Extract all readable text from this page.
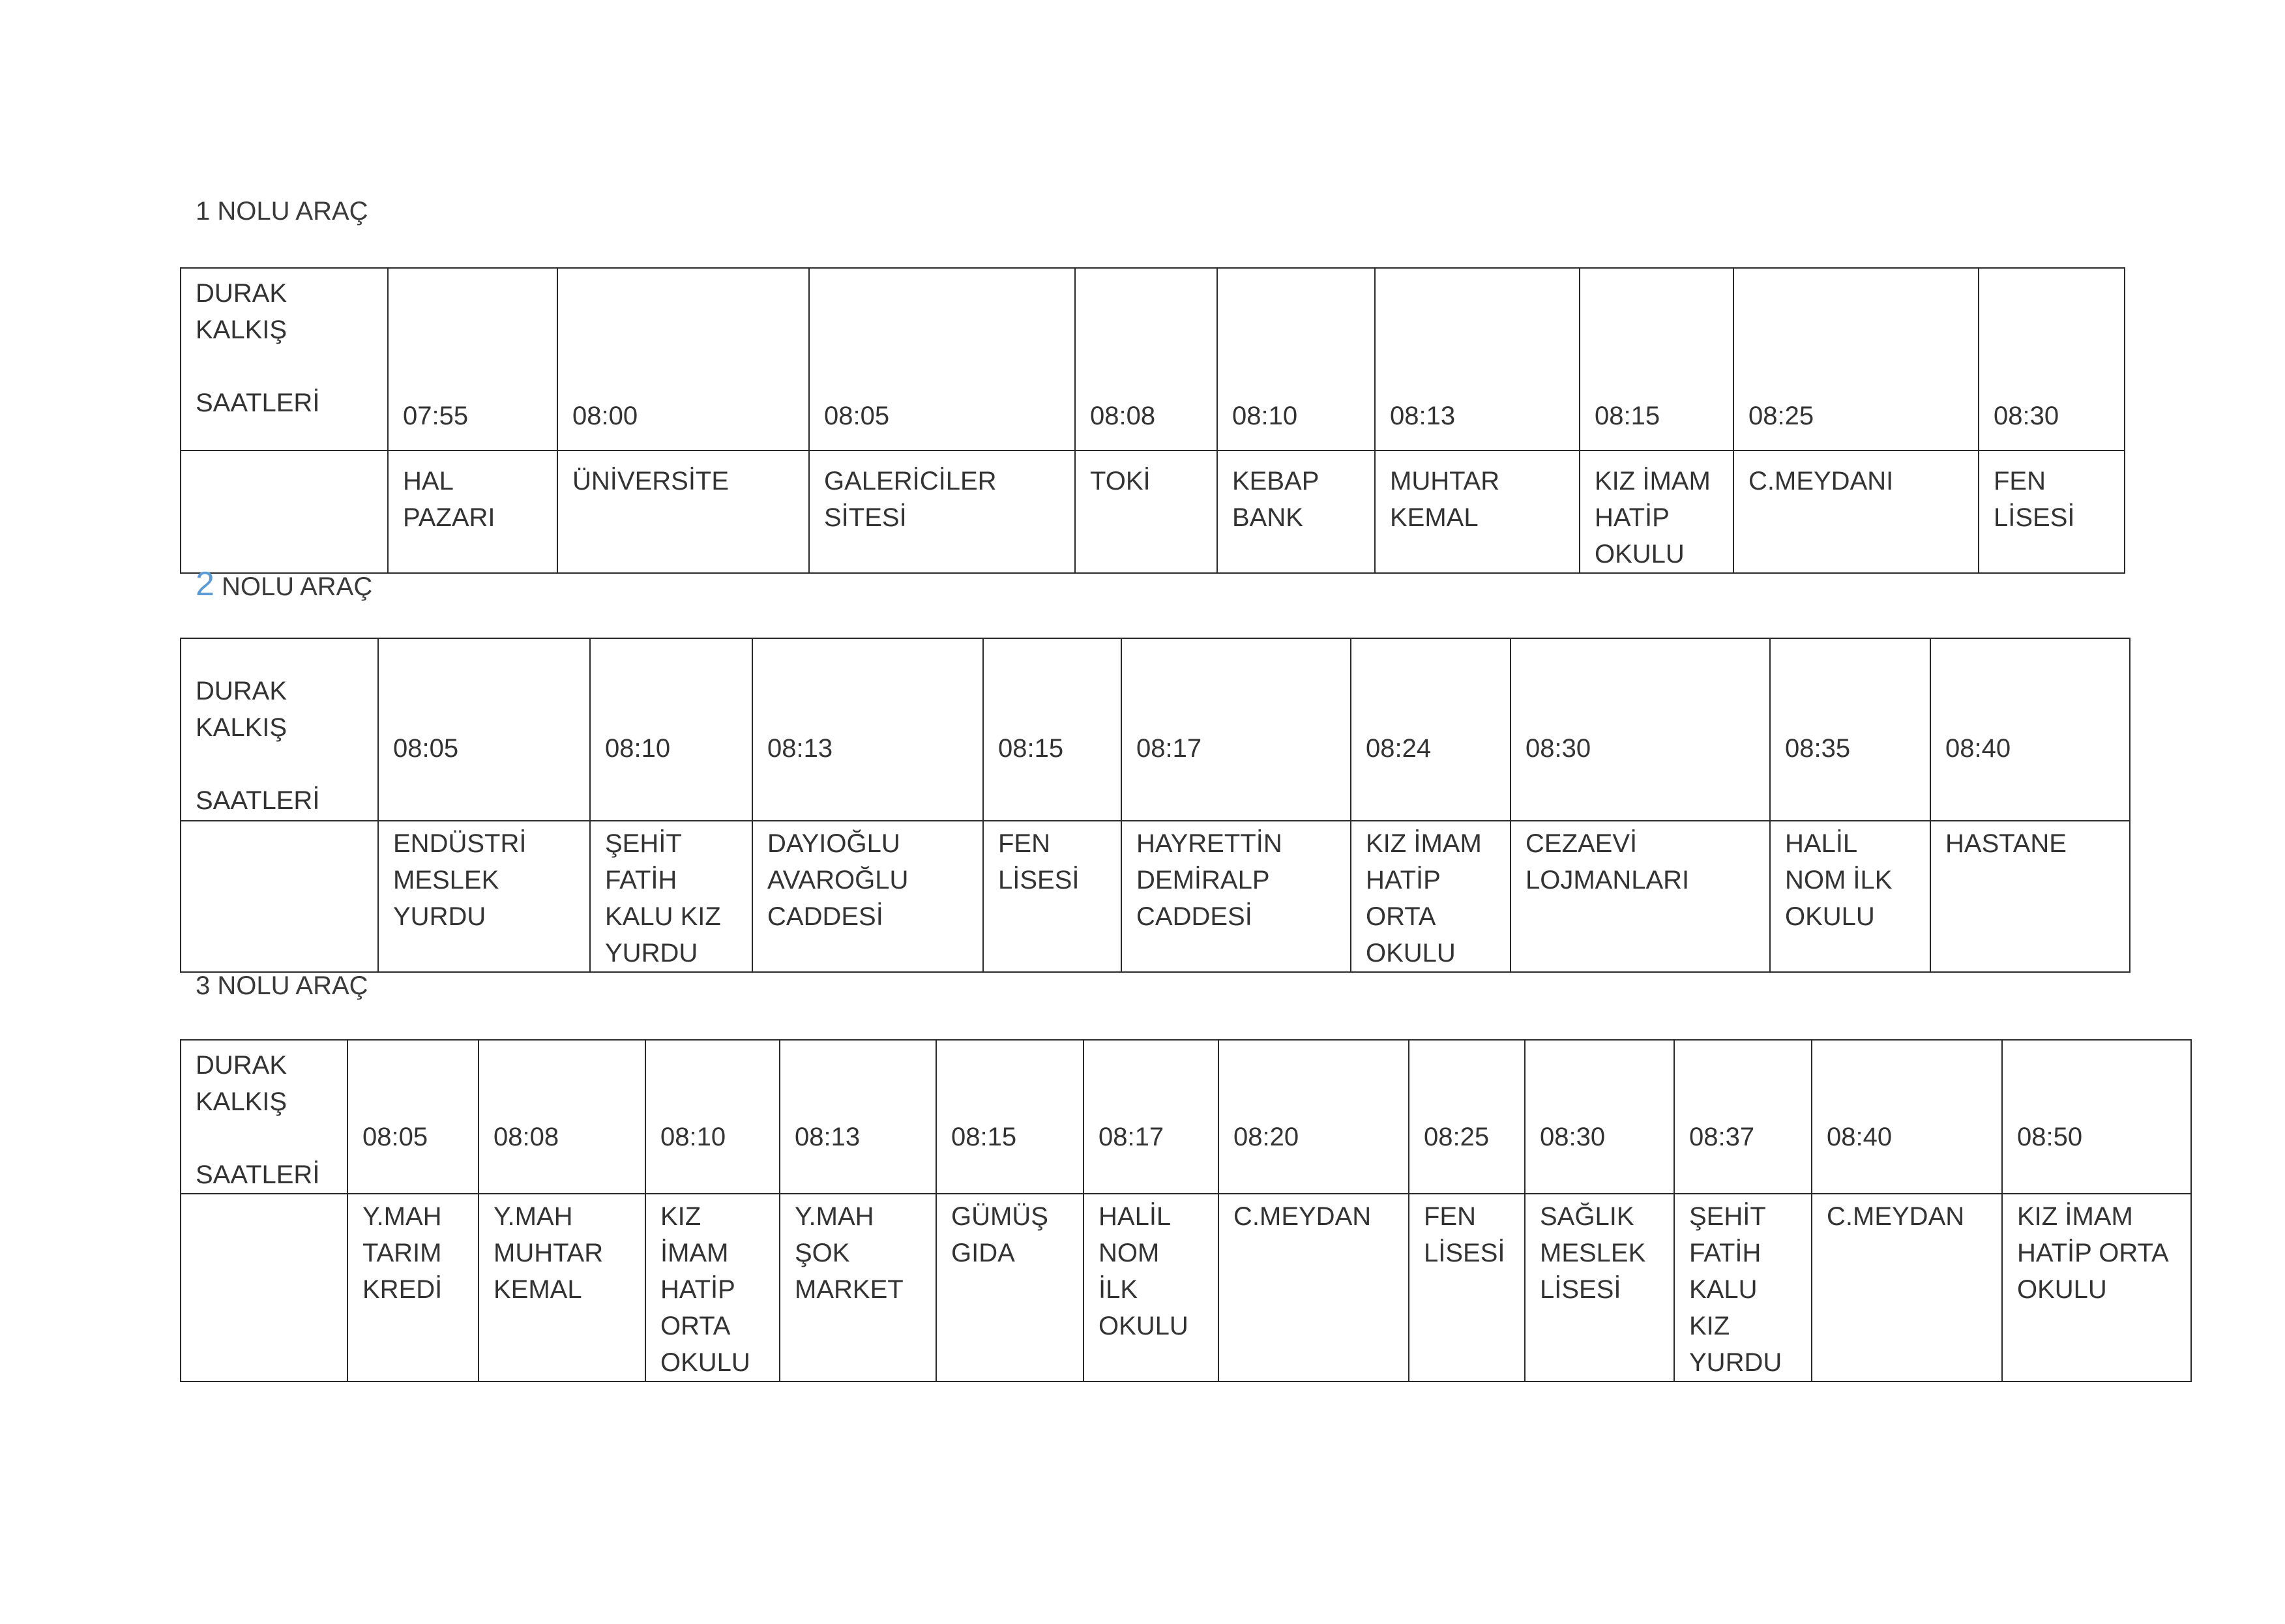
1 NOLU ARAÇ
DURAK KALKIŞ

SAATLERİ	07:55	08:00	08:05	08:08	08:10	08:13	08:15	08:25	08:30
	HAL
PAZARI	ÜNİVERSİTE	GALERİCİLER SİTESİ	TOKİ	KEBAP
BANK	MUHTAR
KEMAL	KIZ İMAM
HATİP
OKULU	C.MEYDANI	FEN
LİSESİ
2 NOLU ARAÇ
DURAK
KALKIŞ

SAATLERİ	08:05	08:10	08:13	08:15	08:17	08:24	08:30	08:35	08:40
	ENDÜSTRİ
MESLEK
YURDU	ŞEHİT
FATİH
KALU KIZ
YURDU	DAYIOĞLU
AVAROĞLU
CADDESİ	FEN
LİSESİ	HAYRETTİN
DEMİRALP
CADDESİ	KIZ İMAM
HATİP
ORTA
OKULU	CEZAEVİ
LOJMANLARI	HALİL
NOM İLK
OKULU	HASTANE
3 NOLU ARAÇ
DURAK
KALKIŞ

SAATLERİ	08:05	08:08	08:10	08:13	08:15	08:17	08:20	08:25	08:30	08:37	08:40	08:50
	Y.MAH
TARIM
KREDİ	Y.MAH
MUHTAR
KEMAL	KIZ
İMAM
HATİP
ORTA
OKULU	Y.MAH
ŞOK
MARKET	GÜMÜŞ
GIDA	HALİL
NOM
İLK
OKULU	C.MEYDAN	FEN
LİSESİ	SAĞLIK
MESLEK
LİSESİ	ŞEHİT
FATİH
KALU KIZ
YURDU	C.MEYDAN	KIZ İMAM
HATİP ORTA
OKULU
